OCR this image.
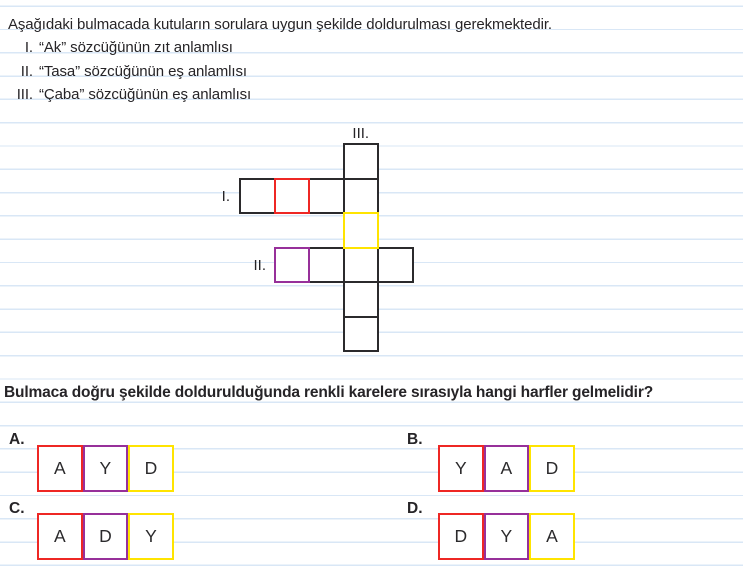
Aşağıdaki bulmacada kutuların sorulara uygun şekilde doldurulması gerekmektedir.
I. “Ak” sözcüğünün zıt anlamlısı
II. “Tasa” sözcüğünün eş anlamlısı
III. “Çaba” sözcüğünün eş anlamlısı
III.
I.
II.
Bulmaca doğru şekilde doldurulduğunda renkli karelere sırasıyla hangi harfler gelmelidir?
A.
A Y D
B.
Y A D
C.
A D Y
D.
D Y A
